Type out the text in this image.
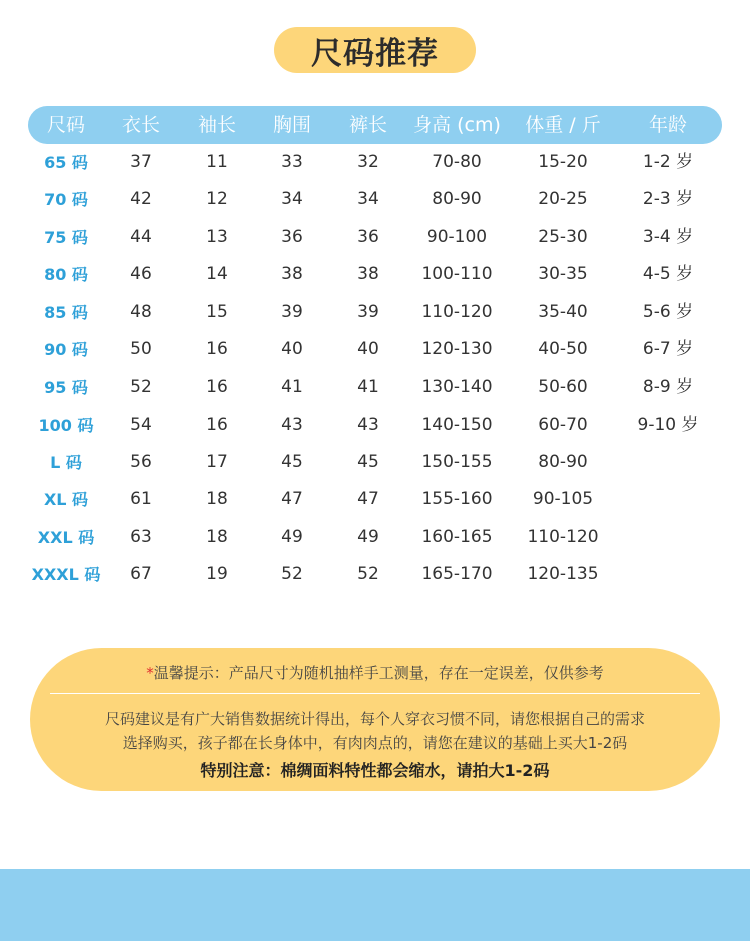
尺码推荐
尺码 衣长 袖长 胸围 裤长 身高 (cm) 体重 / 斤	年龄
65 码 37	11	33	32	70-80	15-20	1-2 岁
70 码 42	12	34	34	80-90	20-25	2-3 岁
75 码 44	13	36	36	90-100	25-30	3-4 岁
80 码 46	14	38	38	100-110	30-35	4-5 岁
85 码 48	15	39	39	110-120	35-40	5-6 岁
90 码 50	16	40	40	120-130	40-50	6-7 岁
95 码 52	16	41	41	130-140	50-60	8-9 岁
100 码 54	16	43	43	140-150	60-70	9-10 岁
L 码	56	17	45	45	150-155	80-90
XL 码 61	18	47	47	155-160 90-105
XXL 码 63	18	49	49	160-165 110-120
XXXL 码 67	19	52	52	165-170 120-135
*温馨提示：产品尺寸为随机抽样手工测量，存在一定误差，仅供参考
尺码建议是有广大销售数据统计得出，每个人穿衣习惯不同，请您根据自己的需求
选择购买，孩子都在长身体中，有肉肉点的，请您在建议的基础上买大1-2码
特别注意：棉绸面料特性都会缩水，请拍大1-2码
